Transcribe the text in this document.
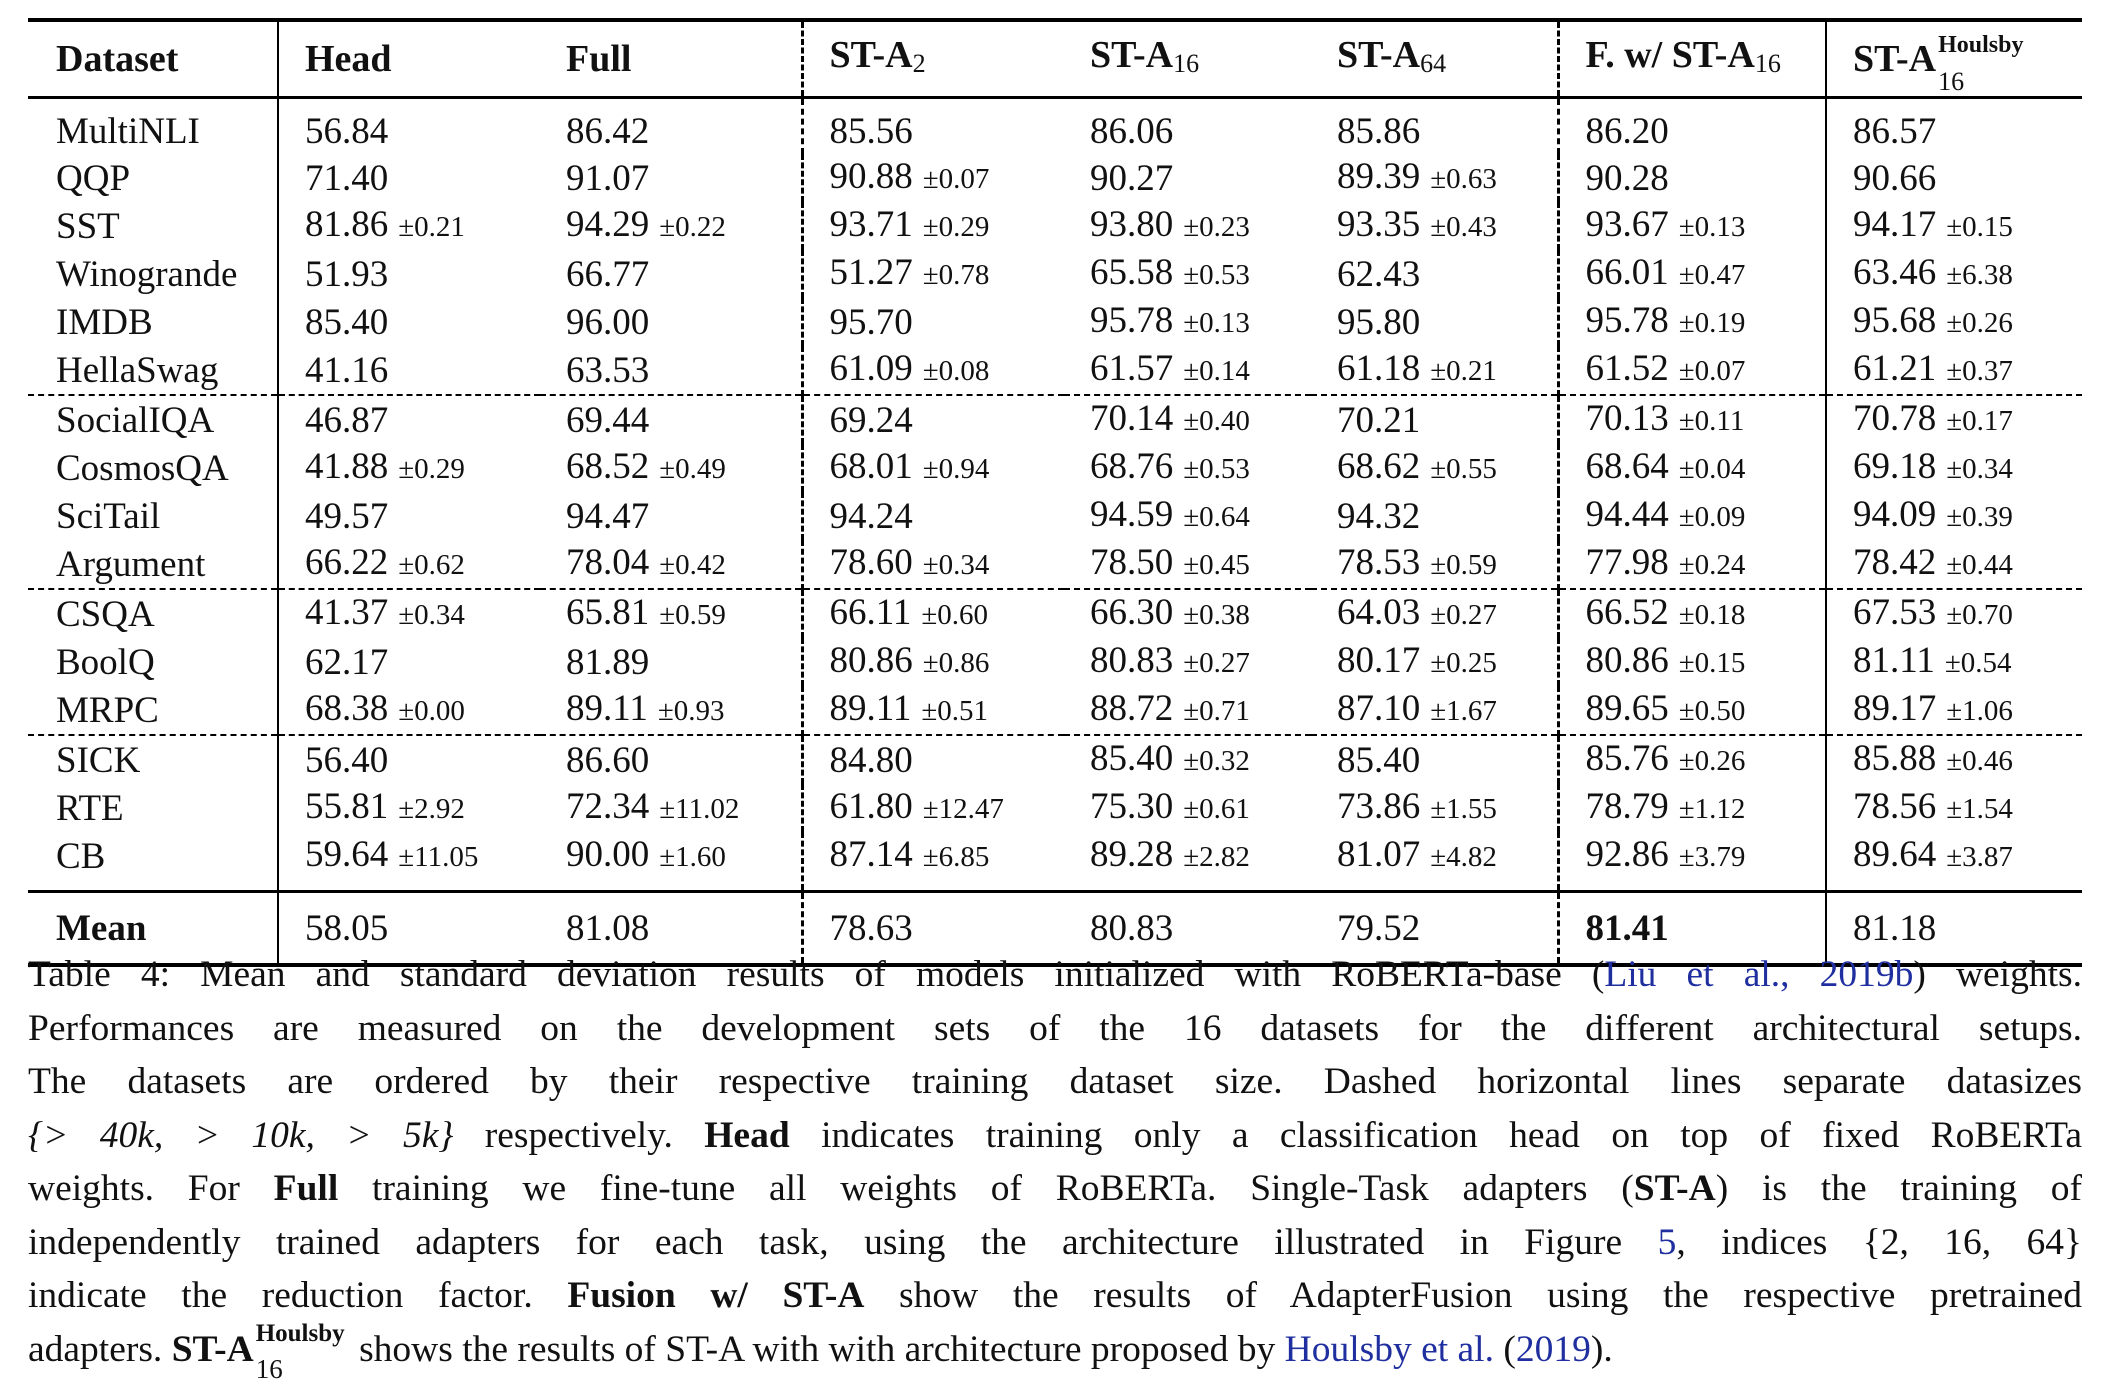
Dataset	Head	Full	ST-A2	ST-A16	ST-A64	F. w/ ST-A16	ST-A Houlsby
16

MultiNLI	56.84	86.42	85.56	86.06	85.86	86.20	86.57
QQP	71.40	91.07	90.88 ±0.07	90.27	89.39 ±0.63	90.28	90.66
SST	81.86 ±0.21	94.29 ±0.22	93.71 ±0.29	93.80 ±0.23	93.35 ±0.43	93.67 ±0.13	94.17 ±0.15
Winogrande	51.93	66.77	51.27 ±0.78	65.58 ±0.53	62.43	66.01 ±0.47	63.46 ±6.38
IMDB	85.40	96.00	95.70	95.78 ±0.13	95.80	95.78 ±0.19	95.68 ±0.26
HellaSwag	41.16	63.53	61.09 ±0.08	61.57 ±0.14	61.18 ±0.21	61.52 ±0.07	61.21 ±0.37
SocialIQA	46.87	69.44	69.24	70.14 ±0.40	70.21	70.13 ±0.11	70.78 ±0.17
CosmosQA	41.88 ±0.29	68.52 ±0.49	68.01 ±0.94	68.76 ±0.53	68.62 ±0.55	68.64 ±0.04	69.18 ±0.34
SciTail	49.57	94.47	94.24	94.59 ±0.64	94.32	94.44 ±0.09	94.09 ±0.39
Argument	66.22 ±0.62	78.04 ±0.42	78.60 ±0.34	78.50 ±0.45	78.53 ±0.59	77.98 ±0.24	78.42 ±0.44
CSQA	41.37 ±0.34	65.81 ±0.59	66.11 ±0.60	66.30 ±0.38	64.03 ±0.27	66.52 ±0.18	67.53 ±0.70
BoolQ	62.17	81.89	80.86 ±0.86	80.83 ±0.27	80.17 ±0.25	80.86 ±0.15	81.11 ±0.54
MRPC	68.38 ±0.00	89.11 ±0.93	89.11 ±0.51	88.72 ±0.71	87.10 ±1.67	89.65 ±0.50	89.17 ±1.06
SICK	56.40	86.60	84.80	85.40 ±0.32	85.40	85.76 ±0.26	85.88 ±0.46
RTE	55.81 ±2.92	72.34 ±11.02	61.80 ±12.47	75.30 ±0.61	73.86 ±1.55	78.79 ±1.12	78.56 ±1.54
CB	59.64 ±11.05	90.00 ±1.60	87.14 ±6.85	89.28 ±2.82	81.07 ±4.82	92.86 ±3.79	89.64 ±3.87
Mean	58.05	81.08	78.63	80.83	79.52	81.41	81.18
Table 4: Mean and standard deviation results of models initialized with RoBERTa-base (Liu et al., 2019b) weights.
Performances are measured on the development sets of the 16 datasets for the different architectural setups.
The datasets are ordered by their respective training dataset size. Dashed horizontal lines separate datasizes
{> 40k, > 10k, > 5k} respectively. Head indicates training only a classification head on top of fixed RoBERTa
weights. For Full training we fine-tune all weights of RoBERTa. Single-Task adapters (ST-A) is the training of
independently trained adapters for each task, using the architecture illustrated in Figure 5, indices {2, 16, 64}
indicate the reduction factor. Fusion w/ ST-A show the results of AdapterFusion using the respective pretrained
adapters. ST-A Houlsby
16 shows the results of ST-A with with architecture proposed by Houlsby et al. (2019).
